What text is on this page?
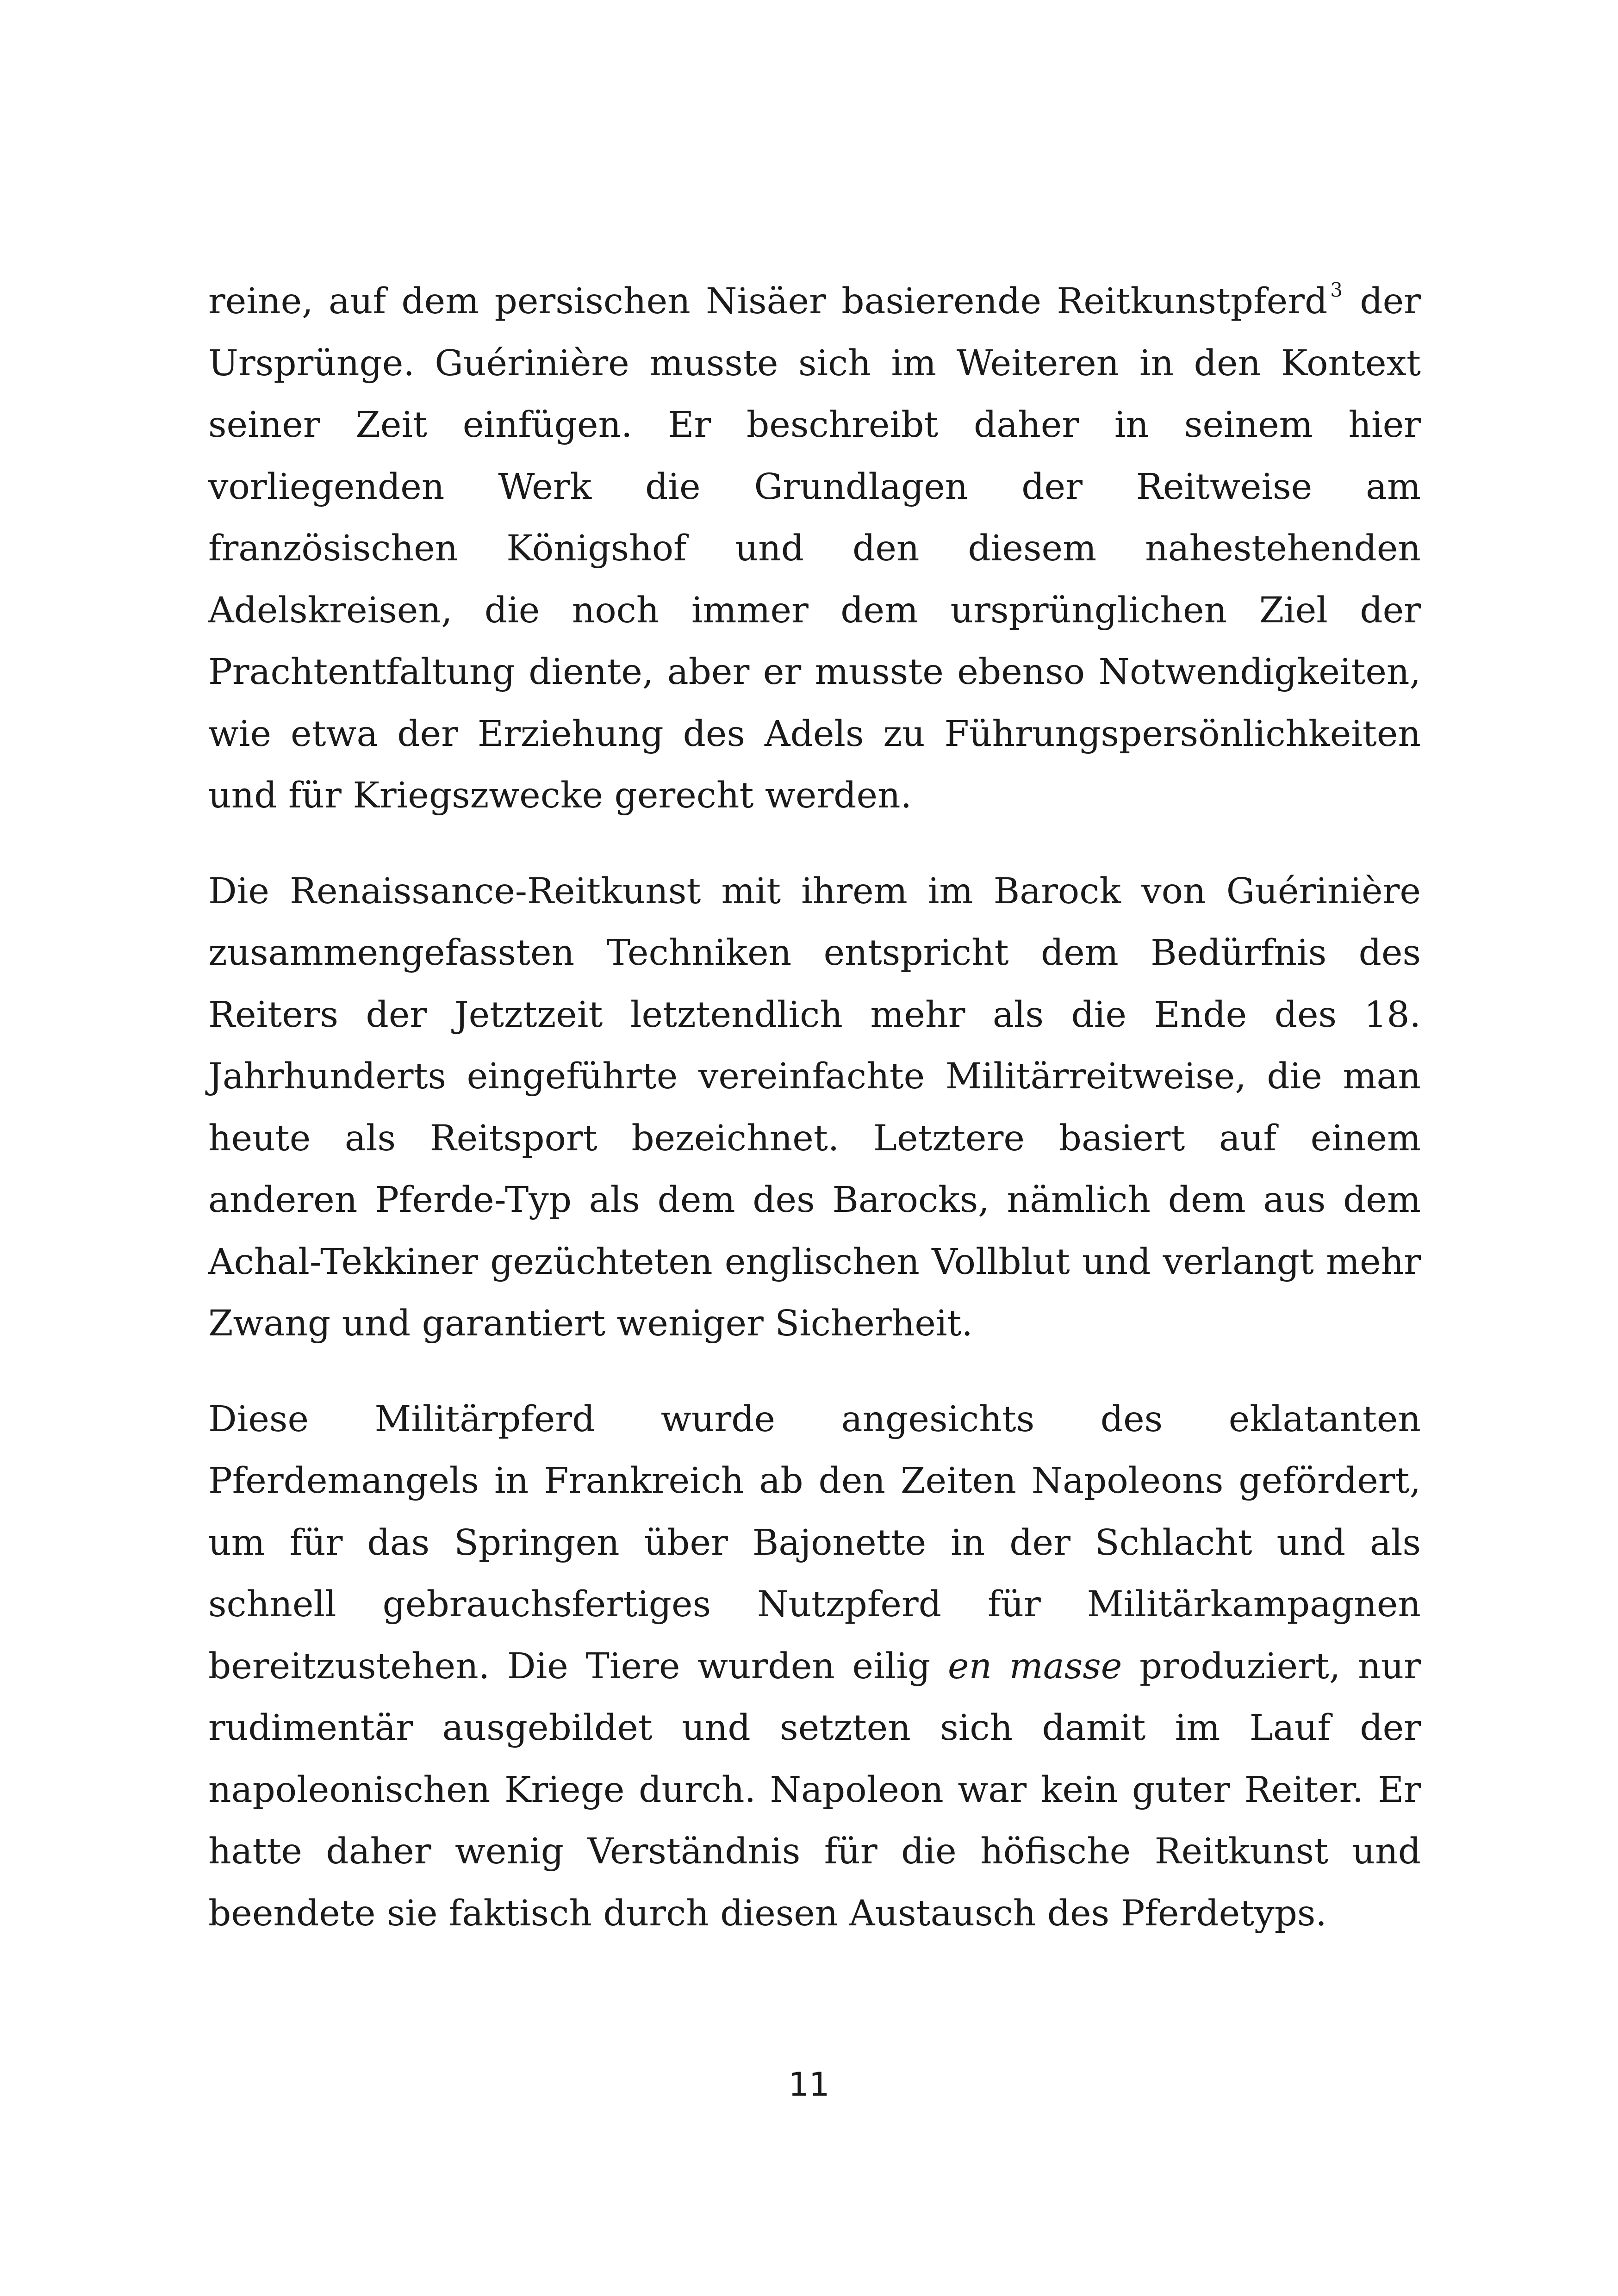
reine, auf dem persischen Nisäer basierende Reitkunstpferd $^3$ der Ursprünge. Guérinière musste sich im Weiteren in den Kontext seiner Zeit einfügen. Er beschreibt daher in seinem hier vorliegenden Werk die Grundlagen der Reitweise am französischen Königshof und den diesem nahestehenden Adelskreisen, die noch immer dem ursprünglichen Ziel der Prachtentfaltung diente, aber er musste ebenso Notwendigkeiten, wie etwa der Erziehung des Adels zu Führungspersönlichkeiten und für Kriegszwecke gerecht werden.

Die Renaissance-Reitkunst mit ihrem im Barock von Guérinière zusammengefassten Techniken entspricht dem Bedürfnis des Reiters der Jetztzeit letztendlich mehr als die Ende des 18. Jahrhunderts eingeführte vereinfachte Militärreitweise, die man heute als Reitsport bezeichnet. Letztere basiert auf einem anderen Pferde-Typ als dem des Barocks, nämlich dem aus dem Achal-Tekkiner gezüchteten englischen Vollblut und verlangt mehr Zwang und garantiert weniger Sicherheit.

Diese Militärpferd wurde angesichts des eklatanten Pferdemangels in Frankreich ab den Zeiten Napoleons gefördert, um für das Springen über Bajonette in der Schlacht und als schnell gebrauchsfertiges Nutzpferd für Militärkampagnen bereitzustehen. Die Tiere wurden eilig en masse produziert, nur rudimentär ausgebildet und setzten sich damit im Lauf der napoleonischen Kriege durch. Napoleon war kein guter Reiter. Er hatte daher wenig Verständnis für die höfische Reitkunst und beendete sie faktisch durch diesen Austausch des Pferdetyps.

11
